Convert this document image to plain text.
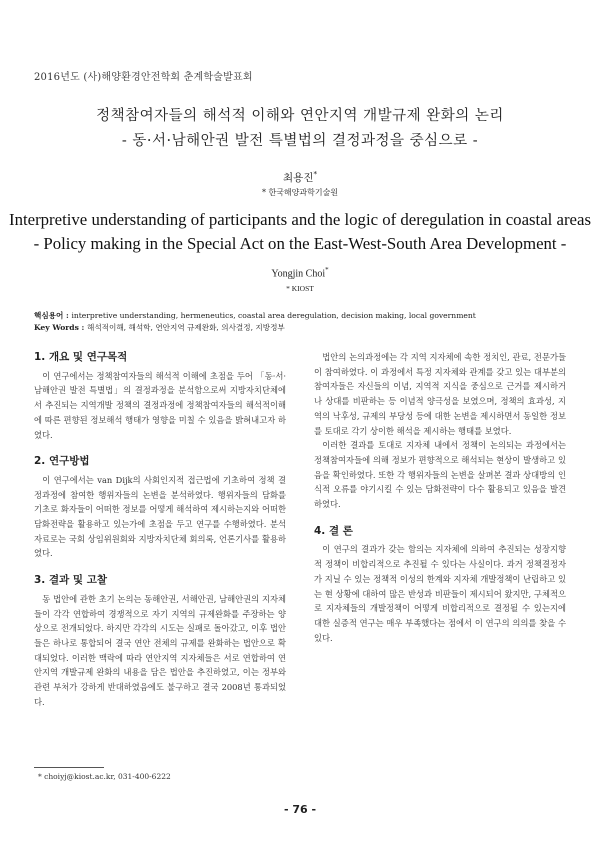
2016년도 (사)해양환경안전학회 춘계학술발표회
정책참여자들의 해석적 이해와 연안지역 개발규제 완화의 논리
- 동·서·남해안권 발전 특별법의 결정과정을 중심으로 -
최용진*
* 한국해양과학기술원
Interpretive understanding of participants and the logic of deregulation in coastal areas
- Policy making in the Special Act on the East-West-South Area Development -
Yongjin Choi*
* KIOST
핵심용어 : interpretive understanding, hermeneutics, coastal area deregulation, decision making, local government
Key Words : 해석적이해, 해석학, 연안지역 규제완화, 의사결정, 지방정부
1. 개요 및 연구목적

이 연구에서는 정책참여자들의 해석적 이해에 초점을 두어 「동·서·남해안권 발전 특별법」의 결정과정을 분석함으로써 지방자치단체에서 추진되는 지역개발 정책의 결정과정에 정책참여자들의 해석적이해에 따른 편향된 정보해석 행태가 영향을 미칠 수 있음을 밝혀내고자 하였다.

2. 연구방법

이 연구에서는 van Dijk의 사회인지적 접근법에 기초하여 정책 결정과정에 참여한 행위자들의 논변을 분석하였다. 행위자들의 담화를 기초로 화자들이 어떠한 정보를 어떻게 해석하여 제시하는지와 어떠한 담화전략을 활용하고 있는가에 초점을 두고 연구를 수행하였다. 분석자료로는 국회 상임위원회와 지방자치단체 회의록, 언론기사를 활용하였다.

3. 결과 및 고찰

동 법안에 관한 초기 논의는 동해안권, 서해안권, 남해안권의 지자체들이 각각 연합하여 경쟁적으로 자기 지역의 규제완화를 주장하는 양상으로 전개되었다. 하지만 각각의 시도는 실패로 돌아갔고, 이후 법안들은 하나로 통합되어 결국 연안 전체의 규제를 완화하는 법안으로 확대되었다. 이러한 맥락에 따라 연안지역 지자체들은 서로 연합하여 연안지역 개발규제 완화의 내용을 담은 법안을 추진하였고, 이는 정부와 관련 부처가 강하게 반대하였음에도 불구하고 결국 2008년 통과되었다.

법안의 논의과정에는 각 지역 지자체에 속한 정치인, 관료, 전문가들이 참여하였다. 이 과정에서 특정 지자체와 관계를 갖고 있는 대부분의 참여자들은 자신들의 이념, 지역적 지식을 중심으로 근거를 제시하거나 상대를 비판하는 등 이념적 양극성을 보였으며, 정책의 효과성, 지역의 낙후성, 규제의 부당성 등에 대한 논변을 제시하면서 동일한 정보를 토대로 각기 상이한 해석을 제시하는 행태를 보였다.

이러한 결과를 토대로 지자체 내에서 정책이 논의되는 과정에서는 정책참여자들에 의해 정보가 편향적으로 해석되는 현상이 발생하고 있음을 확인하였다. 또한 각 행위자들의 논변을 살펴본 결과 상대방의 인식적 오류를 야기시킬 수 있는 담화전략이 다수 활용되고 있음을 발견하였다.

4. 결 론

이 연구의 결과가 갖는 함의는 지자체에 의하여 추진되는 성장지향적 정책이 비합리적으로 추진될 수 있다는 사실이다. 과거 정책결정자가 지닐 수 있는 정책적 이성의 한계와 지자체 개발정책이 난립하고 있는 현 상황에 대하여 많은 반성과 비판들이 제시되어 왔지만, 구체적으로 지자체들의 개발정책이 어떻게 비합리적으로 결정될 수 있는지에 대한 실증적 연구는 매우 부족했다는 점에서 이 연구의 의의를 찾을 수 있다.

* choiyj@kiost.ac.kr, 031-400-6222
- 76 -
